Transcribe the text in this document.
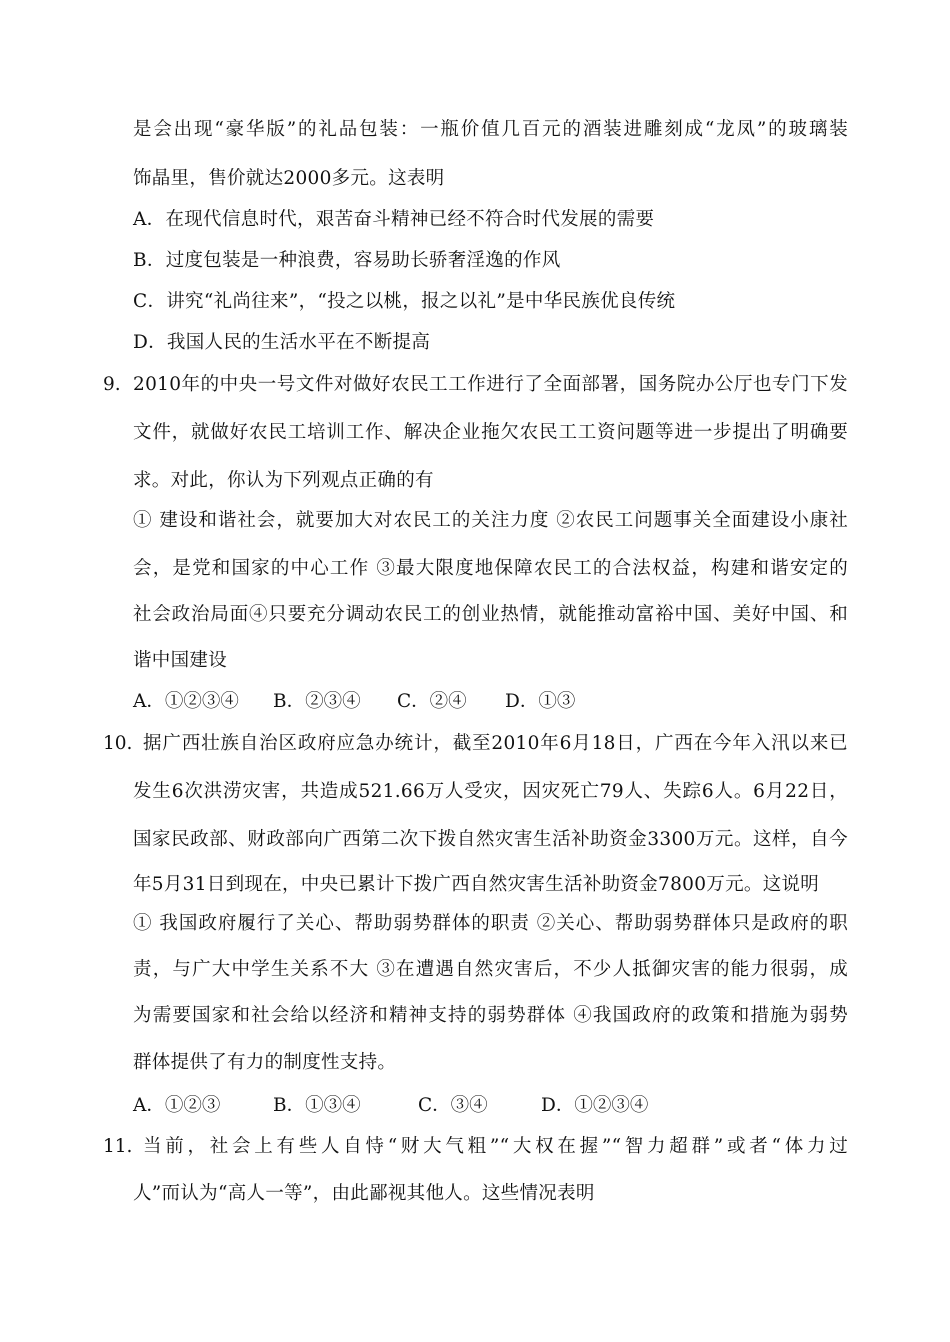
是会出现“豪华版”的礼品包装：一瓶价值几百元的酒装进雕刻成“龙凤”的玻璃装
饰晶里，售价就达2000多元。这表明
A．在现代信息时代，艰苦奋斗精神已经不符合时代发展的需要
B．过度包装是一种浪费，容易助长骄奢淫逸的作风
C．讲究“礼尚往来”，“投之以桃，报之以礼”是中华民族优良传统
D．我国人民的生活水平在不断提高
9. 2010年的中央一号文件对做好农民工工作进行了全面部署，国务院办公厅也专门下发
文件，就做好农民工培训工作、解决企业拖欠农民工工资问题等进一步提出了明确要
求。对此，你认为下列观点正确的有
① 建设和谐社会，就要加大对农民工的关注力度 ②农民工问题事关全面建设小康社
会，是党和国家的中心工作 ③最大限度地保障农民工的合法权益，构建和谐安定的
社会政治局面④只要充分调动农民工的创业热情，就能推动富裕中国、美好中国、和
谐中国建设
A．①②③④ B．②③④ C．②④ D．①③
10. 据广西壮族自治区政府应急办统计，截至2010年6月18日，广西在今年入汛以来已
发生6次洪涝灾害，共造成521.66万人受灾，因灾死亡79人、失踪6人。6月22日，
国家民政部、财政部向广西第二次下拨自然灾害生活补助资金3300万元。这样，自今
年5月31日到现在，中央已累计下拨广西自然灾害生活补助资金7800万元。这说明
① 我国政府履行了关心、帮助弱势群体的职责 ②关心、帮助弱势群体只是政府的职
责，与广大中学生关系不大 ③在遭遇自然灾害后，不少人抵御灾害的能力很弱，成
为需要国家和社会给以经济和精神支持的弱势群体 ④我国政府的政策和措施为弱势
群体提供了有力的制度性支持。
A．①②③	B．①③④	C．③④	D．①②③④
11. 当前，社会上有些人自恃“财大气粗”“大权在握”“智力超群”或者“体力过
人”而认为“高人一等”，由此鄙视其他人。这些情况表明
